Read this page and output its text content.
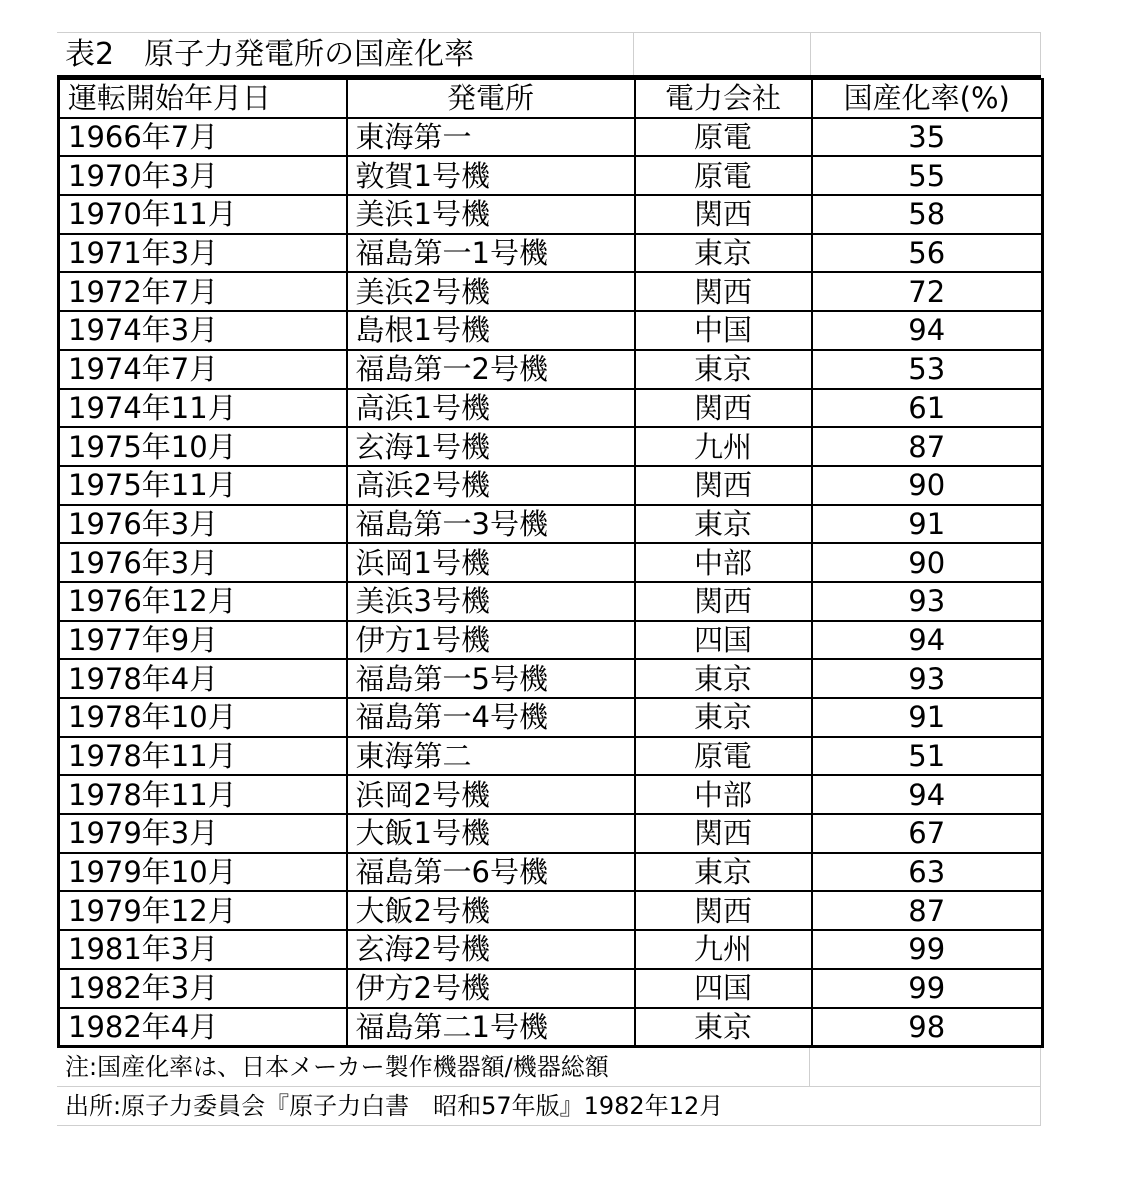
表2　原子力発電所の国産化率
運転開始年月日	発電所	電力会社	国産化率(%)
1966年7月	東海第一	原電	35
1970年3月	敦賀1号機	原電	55
1970年11月	美浜1号機	関西	58
1971年3月	福島第一1号機	東京	56
1972年7月	美浜2号機	関西	72
1974年3月	島根1号機	中国	94
1974年7月	福島第一2号機	東京	53
1974年11月	高浜1号機	関西	61
1975年10月	玄海1号機	九州	87
1975年11月	高浜2号機	関西	90
1976年3月	福島第一3号機	東京	91
1976年3月	浜岡1号機	中部	90
1976年12月	美浜3号機	関西	93
1977年9月	伊方1号機	四国	94
1978年4月	福島第一5号機	東京	93
1978年10月	福島第一4号機	東京	91
1978年11月	東海第二	原電	51
1978年11月	浜岡2号機	中部	94
1979年3月	大飯1号機	関西	67
1979年10月	福島第一6号機	東京	63
1979年12月	大飯2号機	関西	87
1981年3月	玄海2号機	九州	99
1982年3月	伊方2号機	四国	99
1982年4月	福島第二1号機	東京	98
注:国産化率は、日本メーカー製作機器額/機器総額
出所:原子力委員会『原子力白書　昭和57年版』1982年12月
